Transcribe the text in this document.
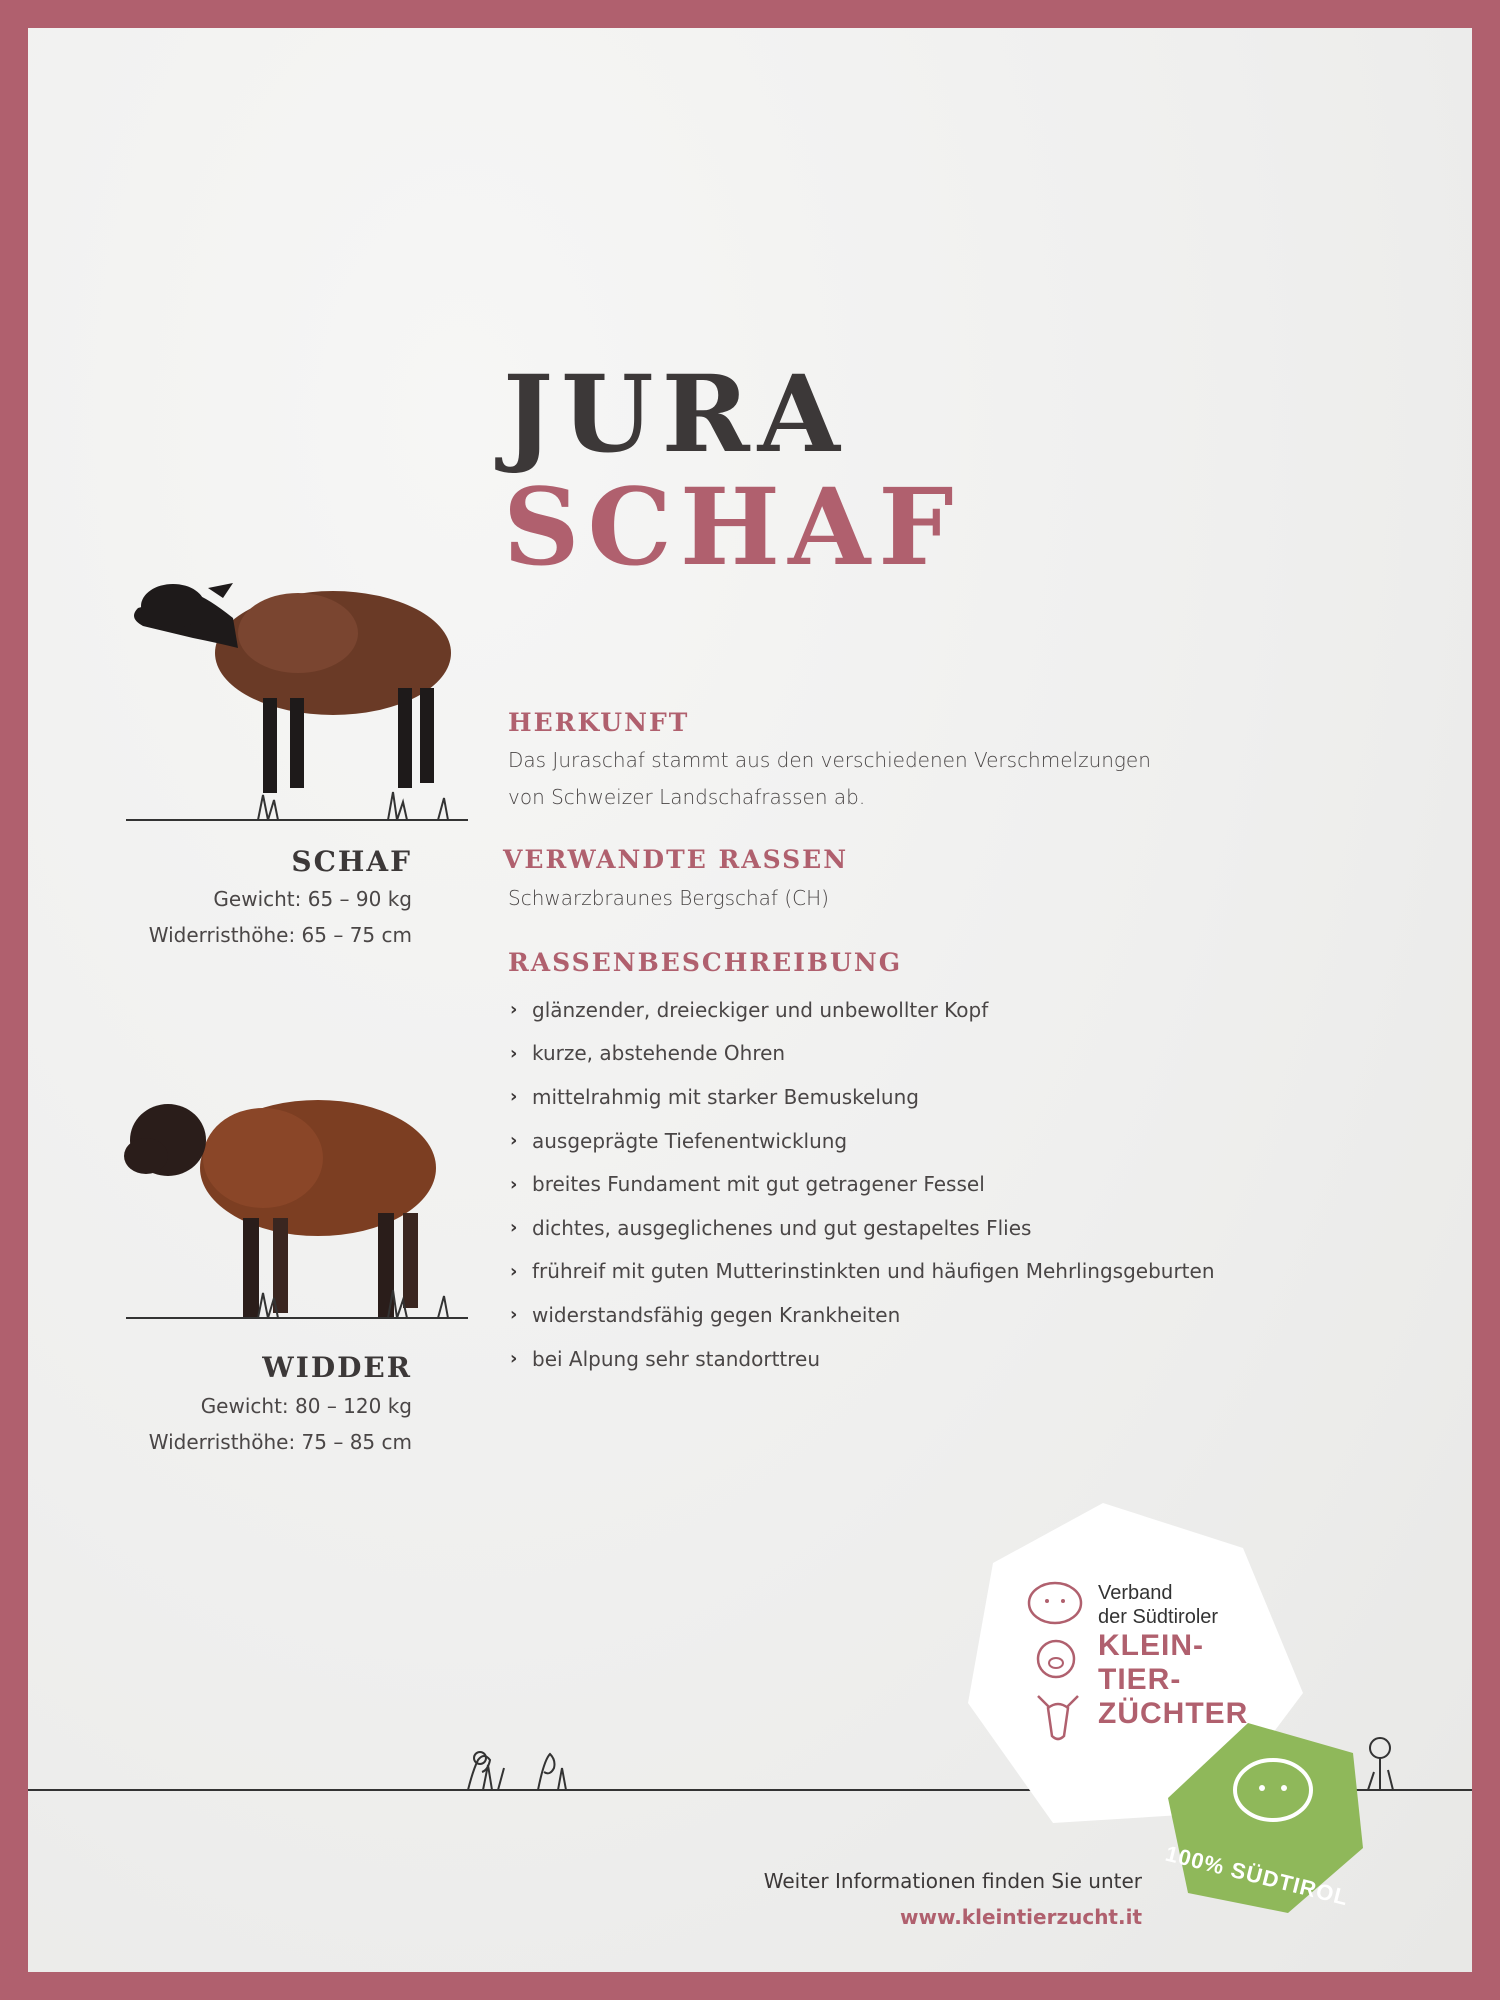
JURA
SCHAF
SCHAF
Gewicht: 65 – 90 kg
Widerristhöhe: 65 – 75 cm
WIDDER
Gewicht: 80 – 120 kg
Widerristhöhe: 75 – 85 cm
HERKUNFT
Das Juraschaf stammt aus den verschiedenen Verschmelzungen
von Schweizer Landschafrassen ab.
VERWANDTE RASSEN
Schwarzbraunes Bergschaf (CH)
RASSENBESCHREIBUNG
› glänzender, dreieckiger und unbewollter Kopf
› kurze, abstehende Ohren
› mittelrahmig mit starker Bemuskelung
› ausgeprägte Tiefenentwicklung
› breites Fundament mit gut getragener Fessel
› dichtes, ausgeglichenes und gut gestapeltes Flies
› frühreif mit guten Mutterinstinkten und häufigen Mehrlingsgeburten
› widerstandsfähig gegen Krankheiten
› bei Alpung sehr standorttreu
Verband
der Südtiroler
KLEIN-
TIER-
ZÜCHTER
100% SÜDTIROL
Weiter Informationen finden Sie unter
www.kleintierzucht.it
